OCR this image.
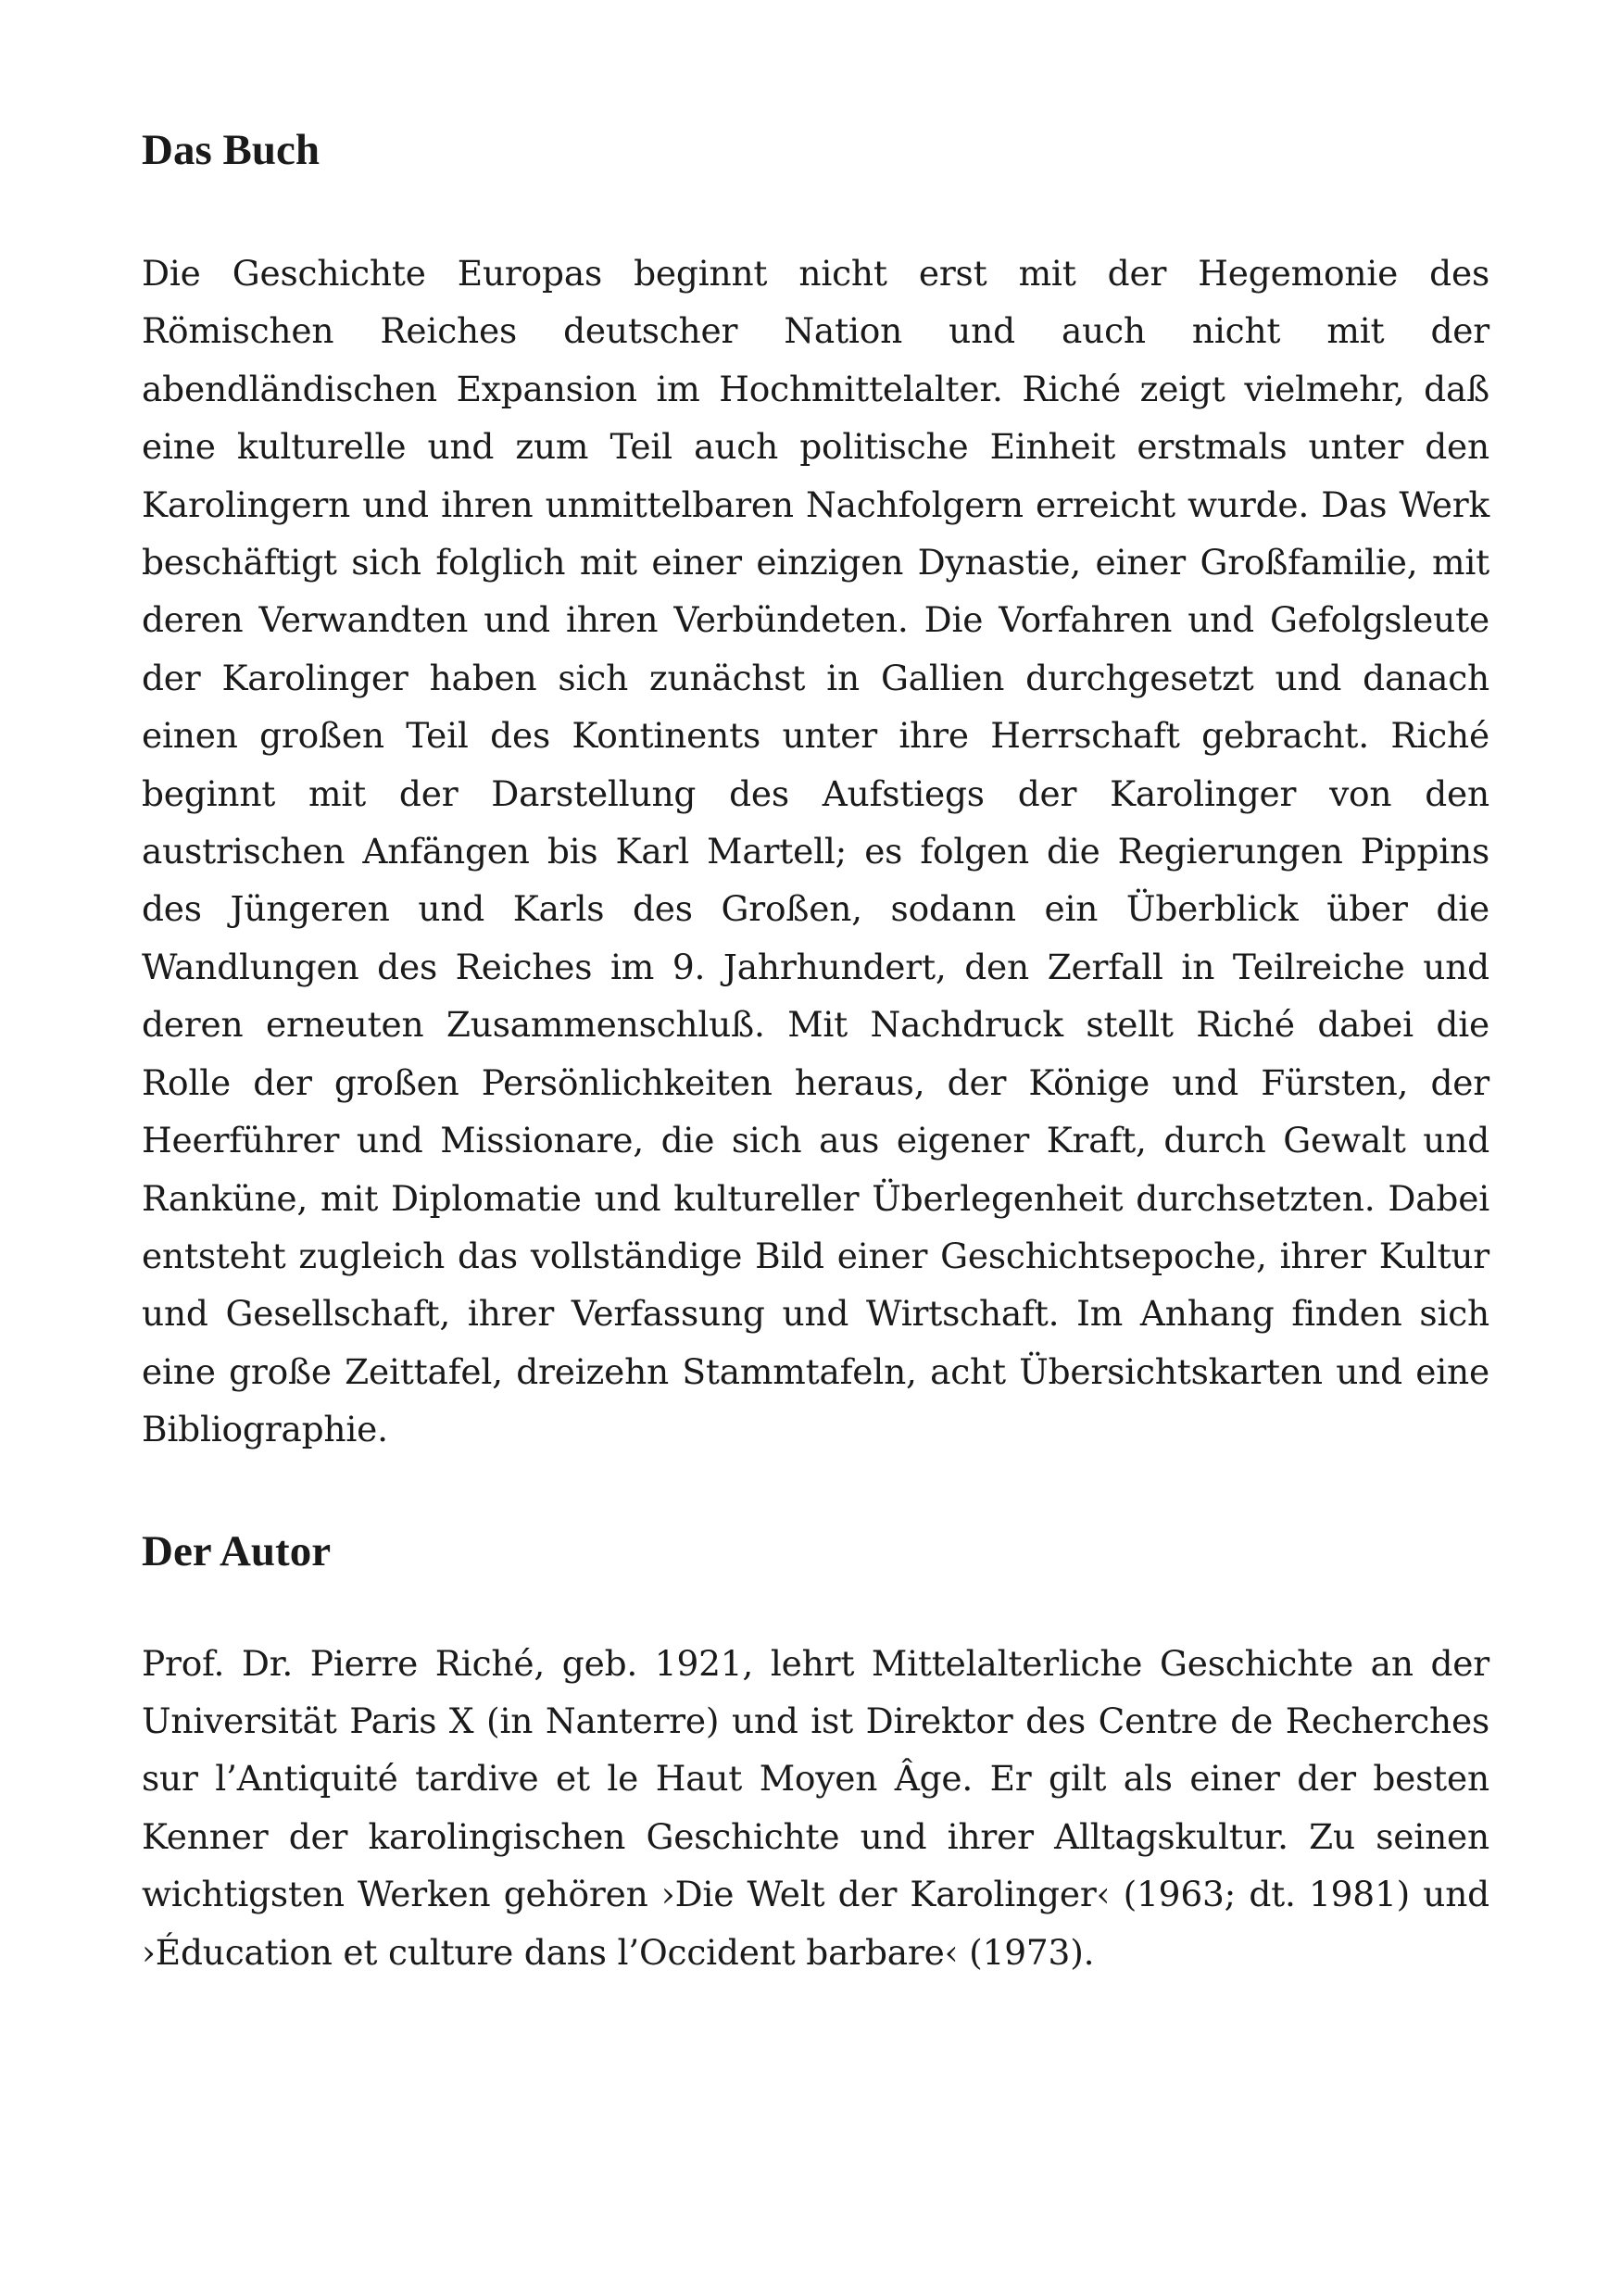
Das Buch

Die Geschichte Europas beginnt nicht erst mit der Hegemonie des Römischen Reiches deutscher Nation und auch nicht mit der abendländischen Expansion im Hochmittelalter. Riché zeigt vielmehr, daß eine kulturelle und zum Teil auch politische Einheit erstmals unter den Karolingern und ihren unmittelbaren Nachfolgern erreicht wurde. Das Werk beschäftigt sich folglich mit einer einzigen Dynastie, einer Großfamilie, mit deren Verwandten und ihren Verbündeten. Die Vorfahren und Gefolgsleute der Karolinger haben sich zunächst in Gallien durchgesetzt und danach einen großen Teil des Kontinents unter ihre Herrschaft gebracht. Riché beginnt mit der Darstellung des Aufstiegs der Karolinger von den austrischen Anfängen bis Karl Martell; es folgen die Regierungen Pippins des Jüngeren und Karls des Großen, sodann ein Überblick über die Wandlungen des Reiches im 9. Jahrhundert, den Zerfall in Teilreiche und deren erneuten Zusammenschluß. Mit Nachdruck stellt Riché dabei die Rolle der großen Persönlichkeiten heraus, der Könige und Fürsten, der Heerführer und Missionare, die sich aus eigener Kraft, durch Gewalt und Ranküne, mit Diplomatie und kultureller Überlegenheit durchsetzten. Dabei entsteht zugleich das vollständige Bild einer Geschichtsepoche, ihrer Kultur und Gesellschaft, ihrer Verfassung und Wirtschaft. Im Anhang finden sich eine große Zeittafel, dreizehn Stammtafeln, acht Übersichtskarten und eine Bibliographie.

Der Autor

Prof. Dr. Pierre Riché, geb. 1921, lehrt Mittelalterliche Geschichte an der Universität Paris X (in Nanterre) und ist Direktor des Centre de Recherches sur l’Antiquité tardive et le Haut Moyen Âge. Er gilt als einer der besten Kenner der karolingischen Geschichte und ihrer Alltagskultur. Zu seinen wichtigsten Werken gehören ›Die Welt der Karolinger‹ (1963; dt. 1981) und ›Éducation et culture dans l’Occident barbare‹ (1973).
